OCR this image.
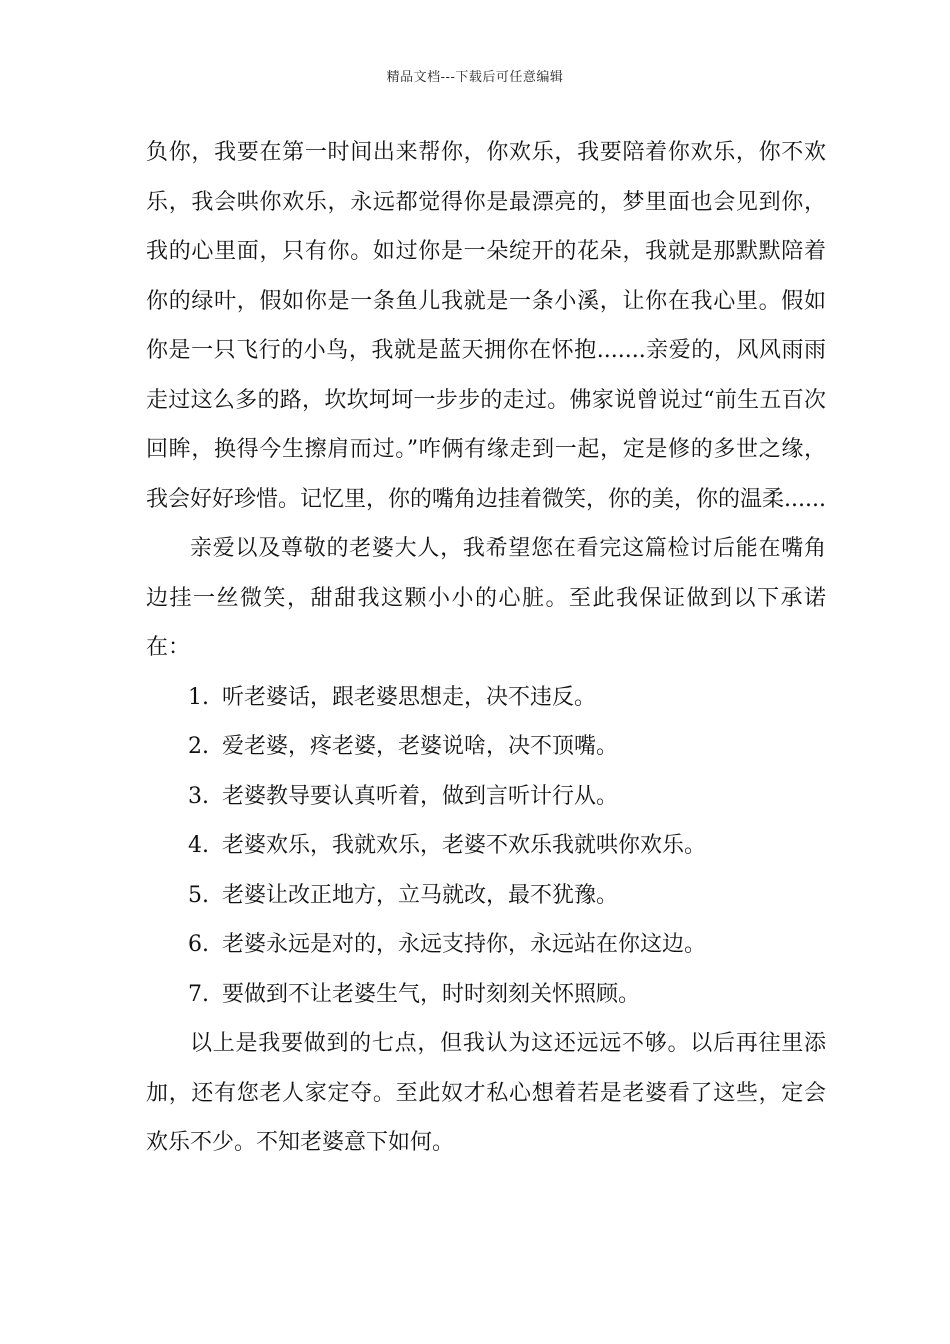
精品文档---下载后可任意编辑

负你，我要在第一时间出来帮你，你欢乐，我要陪着你欢乐，你不欢乐，我会哄你欢乐，永远都觉得你是最漂亮的，梦里面也会见到你，我的心里面，只有你。如过你是一朵绽开的花朵，我就是那默默陪着你的绿叶，假如你是一条鱼儿我就是一条小溪，让你在我心里。假如你是一只飞行的小鸟，我就是蓝天拥你在怀抱.......亲爱的，风风雨雨走过这么多的路，坎坎坷坷一步步的走过。佛家说曾说过“前生五百次回眸，换得今生擦肩而过。”咋俩有缘走到一起，定是修的多世之缘，我会好好珍惜。记忆里，你的嘴角边挂着微笑，你的美，你的温柔......

亲爱以及尊敬的老婆大人，我希望您在看完这篇检讨后能在嘴角边挂一丝微笑，甜甜我这颗小小的心脏。至此我保证做到以下承诺在：

1. 听老婆话，跟老婆思想走，决不违反。
2. 爱老婆，疼老婆，老婆说啥，决不顶嘴。
3. 老婆教导要认真听着，做到言听计行从。
4. 老婆欢乐，我就欢乐，老婆不欢乐我就哄你欢乐。
5. 老婆让改正地方，立马就改，最不犹豫。
6. 老婆永远是对的，永远支持你，永远站在你这边。
7. 要做到不让老婆生气，时时刻刻关怀照顾。

以上是我要做到的七点，但我认为这还远远不够。以后再往里添加，还有您老人家定夺。至此奴才私心想着若是老婆看了这些，定会欢乐不少。不知老婆意下如何。
